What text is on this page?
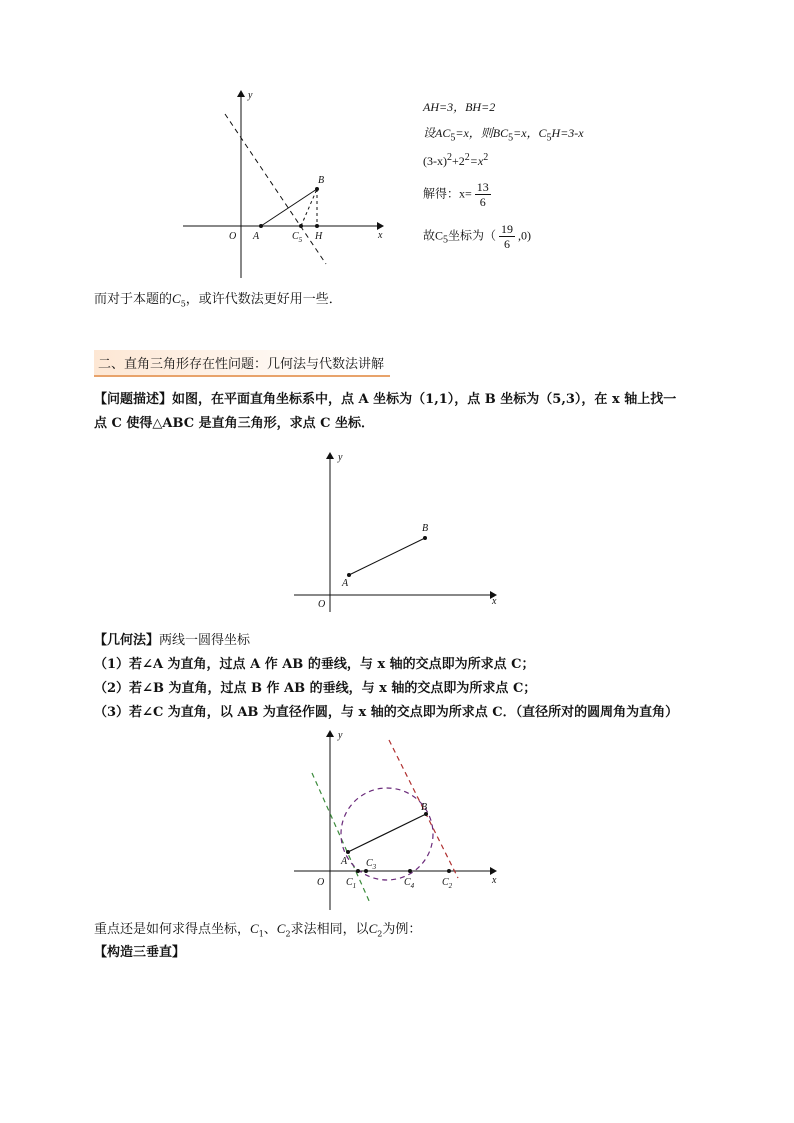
y
x
O A
B
$C_5$ H
AH=3，BH=2
设$AC_5=x$，则$BC_5=x$，$C_5H=3-x$
$(3-x)^2+2^2=x^2$
解得：$x= \frac{13}{6}$
故$C_5$坐标为（ $\frac{19}{6} ,0$)
而对于本题的$C_5$，或许代数法更好用一些．
二、直角三角形存在性问题：几何法与代数法讲解
【问题描述】如图，在平面直角坐标系中，点 A 坐标为（1,1），点 B 坐标为（5,3），在 x 轴上找一
点 C 使得△ABC 是直角三角形，求点 C 坐标．
y
x
O
A
B
【几何法】两线一圆得坐标
（1）若∠A 为直角，过点 A 作 AB 的垂线，与 x 轴的交点即为所求点 C；
（2）若∠B 为直角，过点 B 作 AB 的垂线，与 x 轴的交点即为所求点 C；
（3）若∠C 为直角，以 AB 为直径作圆，与 x 轴的交点即为所求点 C．（直径所对的圆周角为直角）
y
x
O
A
B
$C_1$
$C_3$
$C_4$	$C_2$
重点还是如何求得点坐标，$C_1$、$C_2$求法相同，以$C_2$为例：
【构造三垂直】
